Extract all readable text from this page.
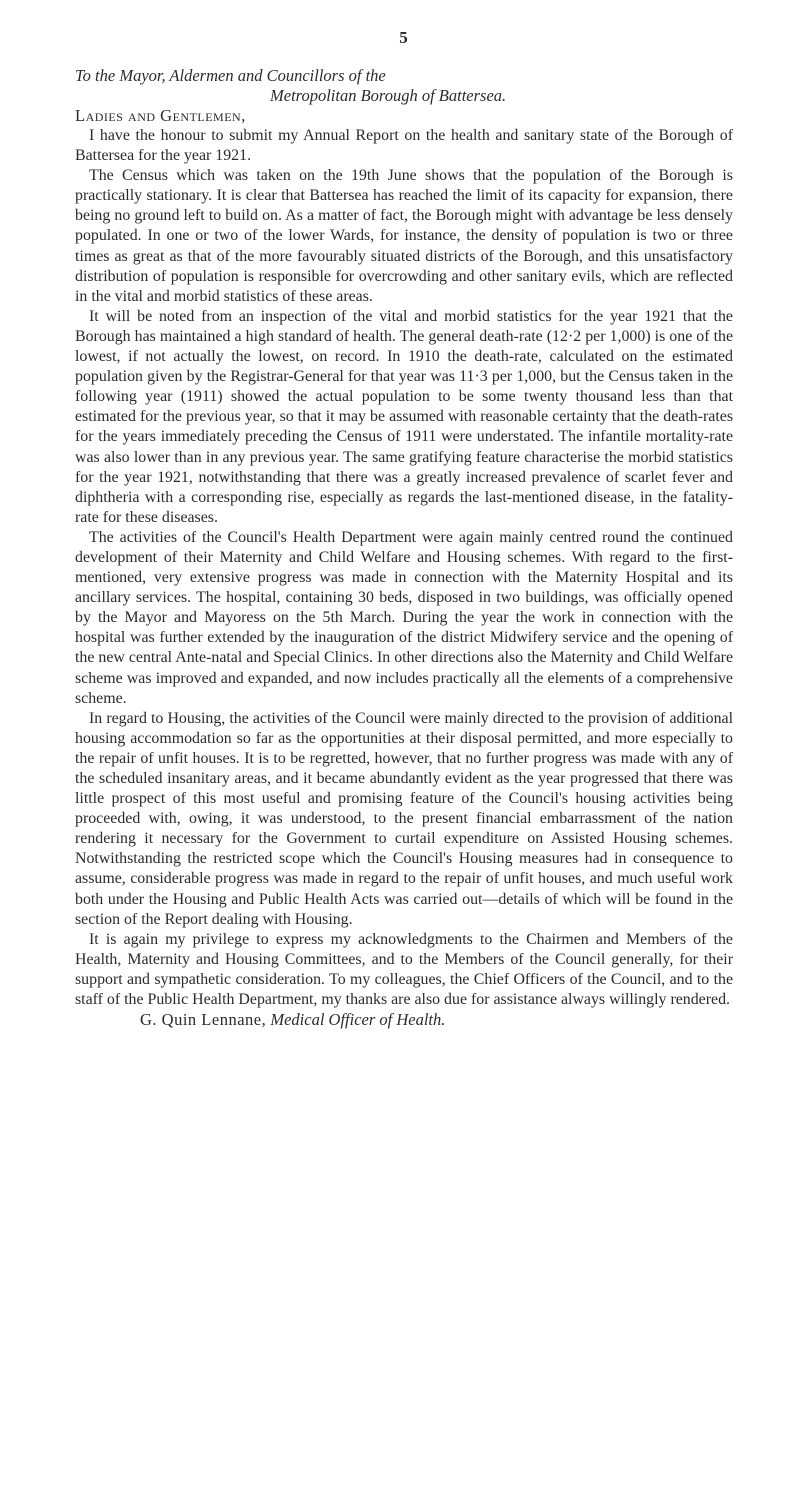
5

To the Mayor, Aldermen and Councillors of the

Metropolitan Borough of Battersea.

Ladies and Gentlemen,

I have the honour to submit my Annual Report on the health and sanitary state of the Borough of Battersea for the year 1921.

The Census which was taken on the 19th June shows that the population of the Borough is practically stationary. It is clear that Battersea has reached the limit of its capacity for expansion, there being no ground left to build on. As a matter of fact, the Borough might with advantage be less densely populated. In one or two of the lower Wards, for instance, the density of population is two or three times as great as that of the more favourably situated districts of the Borough, and this unsatisfactory distribution of population is responsible for overcrowding and other sanitary evils, which are reflected in the vital and morbid statistics of these areas.

It will be noted from an inspection of the vital and morbid statistics for the year 1921 that the Borough has maintained a high standard of health. The general death-rate (12·2 per 1,000) is one of the lowest, if not actually the lowest, on record. In 1910 the death-rate, calculated on the estimated population given by the Registrar-General for that year was 11·3 per 1,000, but the Census taken in the following year (1911) showed the actual population to be some twenty thousand less than that estimated for the previous year, so that it may be assumed with reasonable certainty that the death-rates for the years immediately preceding the Census of 1911 were understated. The infantile mortality-rate was also lower than in any previous year. The same gratifying feature characterise the morbid statistics for the year 1921, notwithstanding that there was a greatly increased prevalence of scarlet fever and diphtheria with a corresponding rise, especially as regards the last-mentioned disease, in the fatality-rate for these diseases.

The activities of the Council's Health Department were again mainly centred round the continued development of their Maternity and Child Welfare and Housing schemes. With regard to the first-mentioned, very extensive progress was made in connection with the Maternity Hospital and its ancillary services. The hospital, containing 30 beds, disposed in two buildings, was officially opened by the Mayor and Mayoress on the 5th March. During the year the work in connection with the hospital was further extended by the inauguration of the district Midwifery service and the opening of the new central Ante-natal and Special Clinics. In other directions also the Maternity and Child Welfare scheme was improved and expanded, and now includes practically all the elements of a comprehensive scheme.

In regard to Housing, the activities of the Council were mainly directed to the provision of additional housing accommodation so far as the opportunities at their disposal permitted, and more especially to the repair of unfit houses. It is to be regretted, however, that no further progress was made with any of the scheduled insanitary areas, and it became abundantly evident as the year progressed that there was little prospect of this most useful and promising feature of the Council's housing activities being proceeded with, owing, it was understood, to the present financial embarrassment of the nation rendering it necessary for the Government to curtail expenditure on Assisted Housing schemes. Notwithstanding the restricted scope which the Council's Housing measures had in consequence to assume, considerable progress was made in regard to the repair of unfit houses, and much useful work both under the Housing and Public Health Acts was carried out—details of which will be found in the section of the Report dealing with Housing.

It is again my privilege to express my acknowledgments to the Chairmen and Members of the Health, Maternity and Housing Committees, and to the Members of the Council generally, for their support and sympathetic consideration. To my colleagues, the Chief Officers of the Council, and to the staff of the Public Health Department, my thanks are also due for assistance always willingly rendered.

G. Quin Lennane, Medical Officer of Health.
